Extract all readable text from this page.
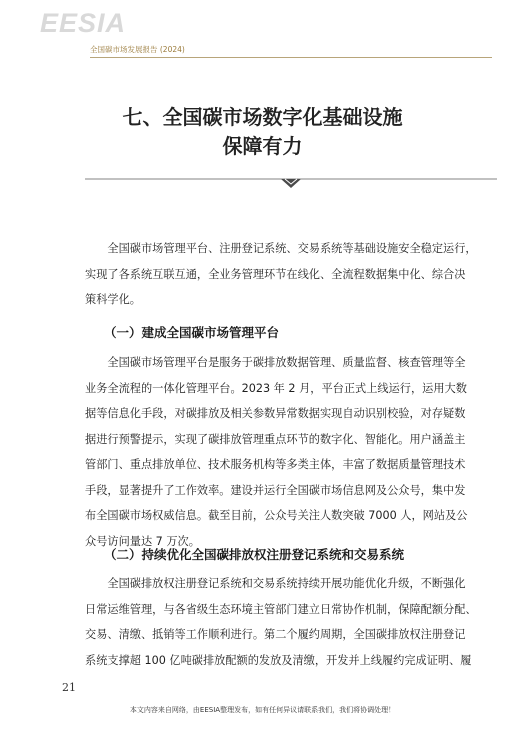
EESIA
全国碳市场发展报告 (2024)
七、全国碳市场数字化基础设施
保障有力
　　全国碳市场管理平台、注册登记系统、交易系统等基础设施安全稳定运行，
实现了各系统互联互通，全业务管理环节在线化、全流程数据集中化、综合决
策科学化。
（一）建成全国碳市场管理平台
　　全国碳市场管理平台是服务于碳排放数据管理、质量监督、核查管理等全
业务全流程的一体化管理平台。2023 年 2 月，平台正式上线运行，运用大数
据等信息化手段，对碳排放及相关参数异常数据实现自动识别校验，对存疑数
据进行预警提示，实现了碳排放管理重点环节的数字化、智能化。用户涵盖主
管部门、重点排放单位、技术服务机构等多类主体，丰富了数据质量管理技术
手段，显著提升了工作效率。建设并运行全国碳市场信息网及公众号，集中发
布全国碳市场权威信息。截至目前，公众号关注人数突破 7000 人，网站及公
众号访问量达 7 万次。
（二）持续优化全国碳排放权注册登记系统和交易系统
　　全国碳排放权注册登记系统和交易系统持续开展功能优化升级，不断强化
日常运维管理，与各省级生态环境主管部门建立日常协作机制，保障配额分配、
交易、清缴、抵销等工作顺利进行。第二个履约周期，全国碳排放权注册登记
系统支撑超 100 亿吨碳排放配额的发放及清缴，开发并上线履约完成证明、履
21
本文内容来自网络，由EESIA整理发布，如有任何异议请联系我们，我们将协调处理！
